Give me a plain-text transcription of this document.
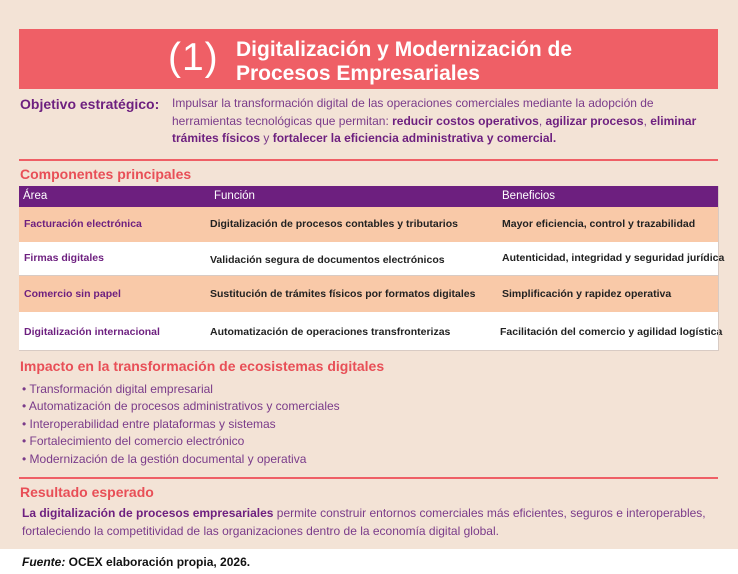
(1) Digitalización y Modernización de
Procesos Empresariales
Objetivo estratégico: Impulsar la transformación digital de las operaciones comerciales mediante la adopción de herramientas tecnológicas que permitan: reducir costos operativos, agilizar procesos, eliminar trámites físicos y fortalecer la eficiencia administrativa y comercial.
Componentes principales
Área	Función	Beneficios
Facturación electrónica	Digitalización de procesos contables y tributarios	Mayor eficiencia, control y trazabilidad
Firmas digitales	Validación segura de documentos electrónicos	Autenticidad, integridad y seguridad jurídica
Comercio sin papel	Sustitución de trámites físicos por formatos digitales	Simplificación y rapidez operativa
Digitalización internacional	Automatización de operaciones transfronterizas	Facilitación del comercio y agilidad logística
Impacto en la transformación de ecosistemas digitales
• Transformación digital empresarial
• Automatización de procesos administrativos y comerciales
• Interoperabilidad entre plataformas y sistemas
• Fortalecimiento del comercio electrónico
• Modernización de la gestión documental y operativa
Resultado esperado
La digitalización de procesos empresariales permite construir entornos comerciales más eficientes, seguros e interoperables, fortaleciendo la competitividad de las organizaciones dentro de la economía digital global.
Fuente: OCEX elaboración propia, 2026.
